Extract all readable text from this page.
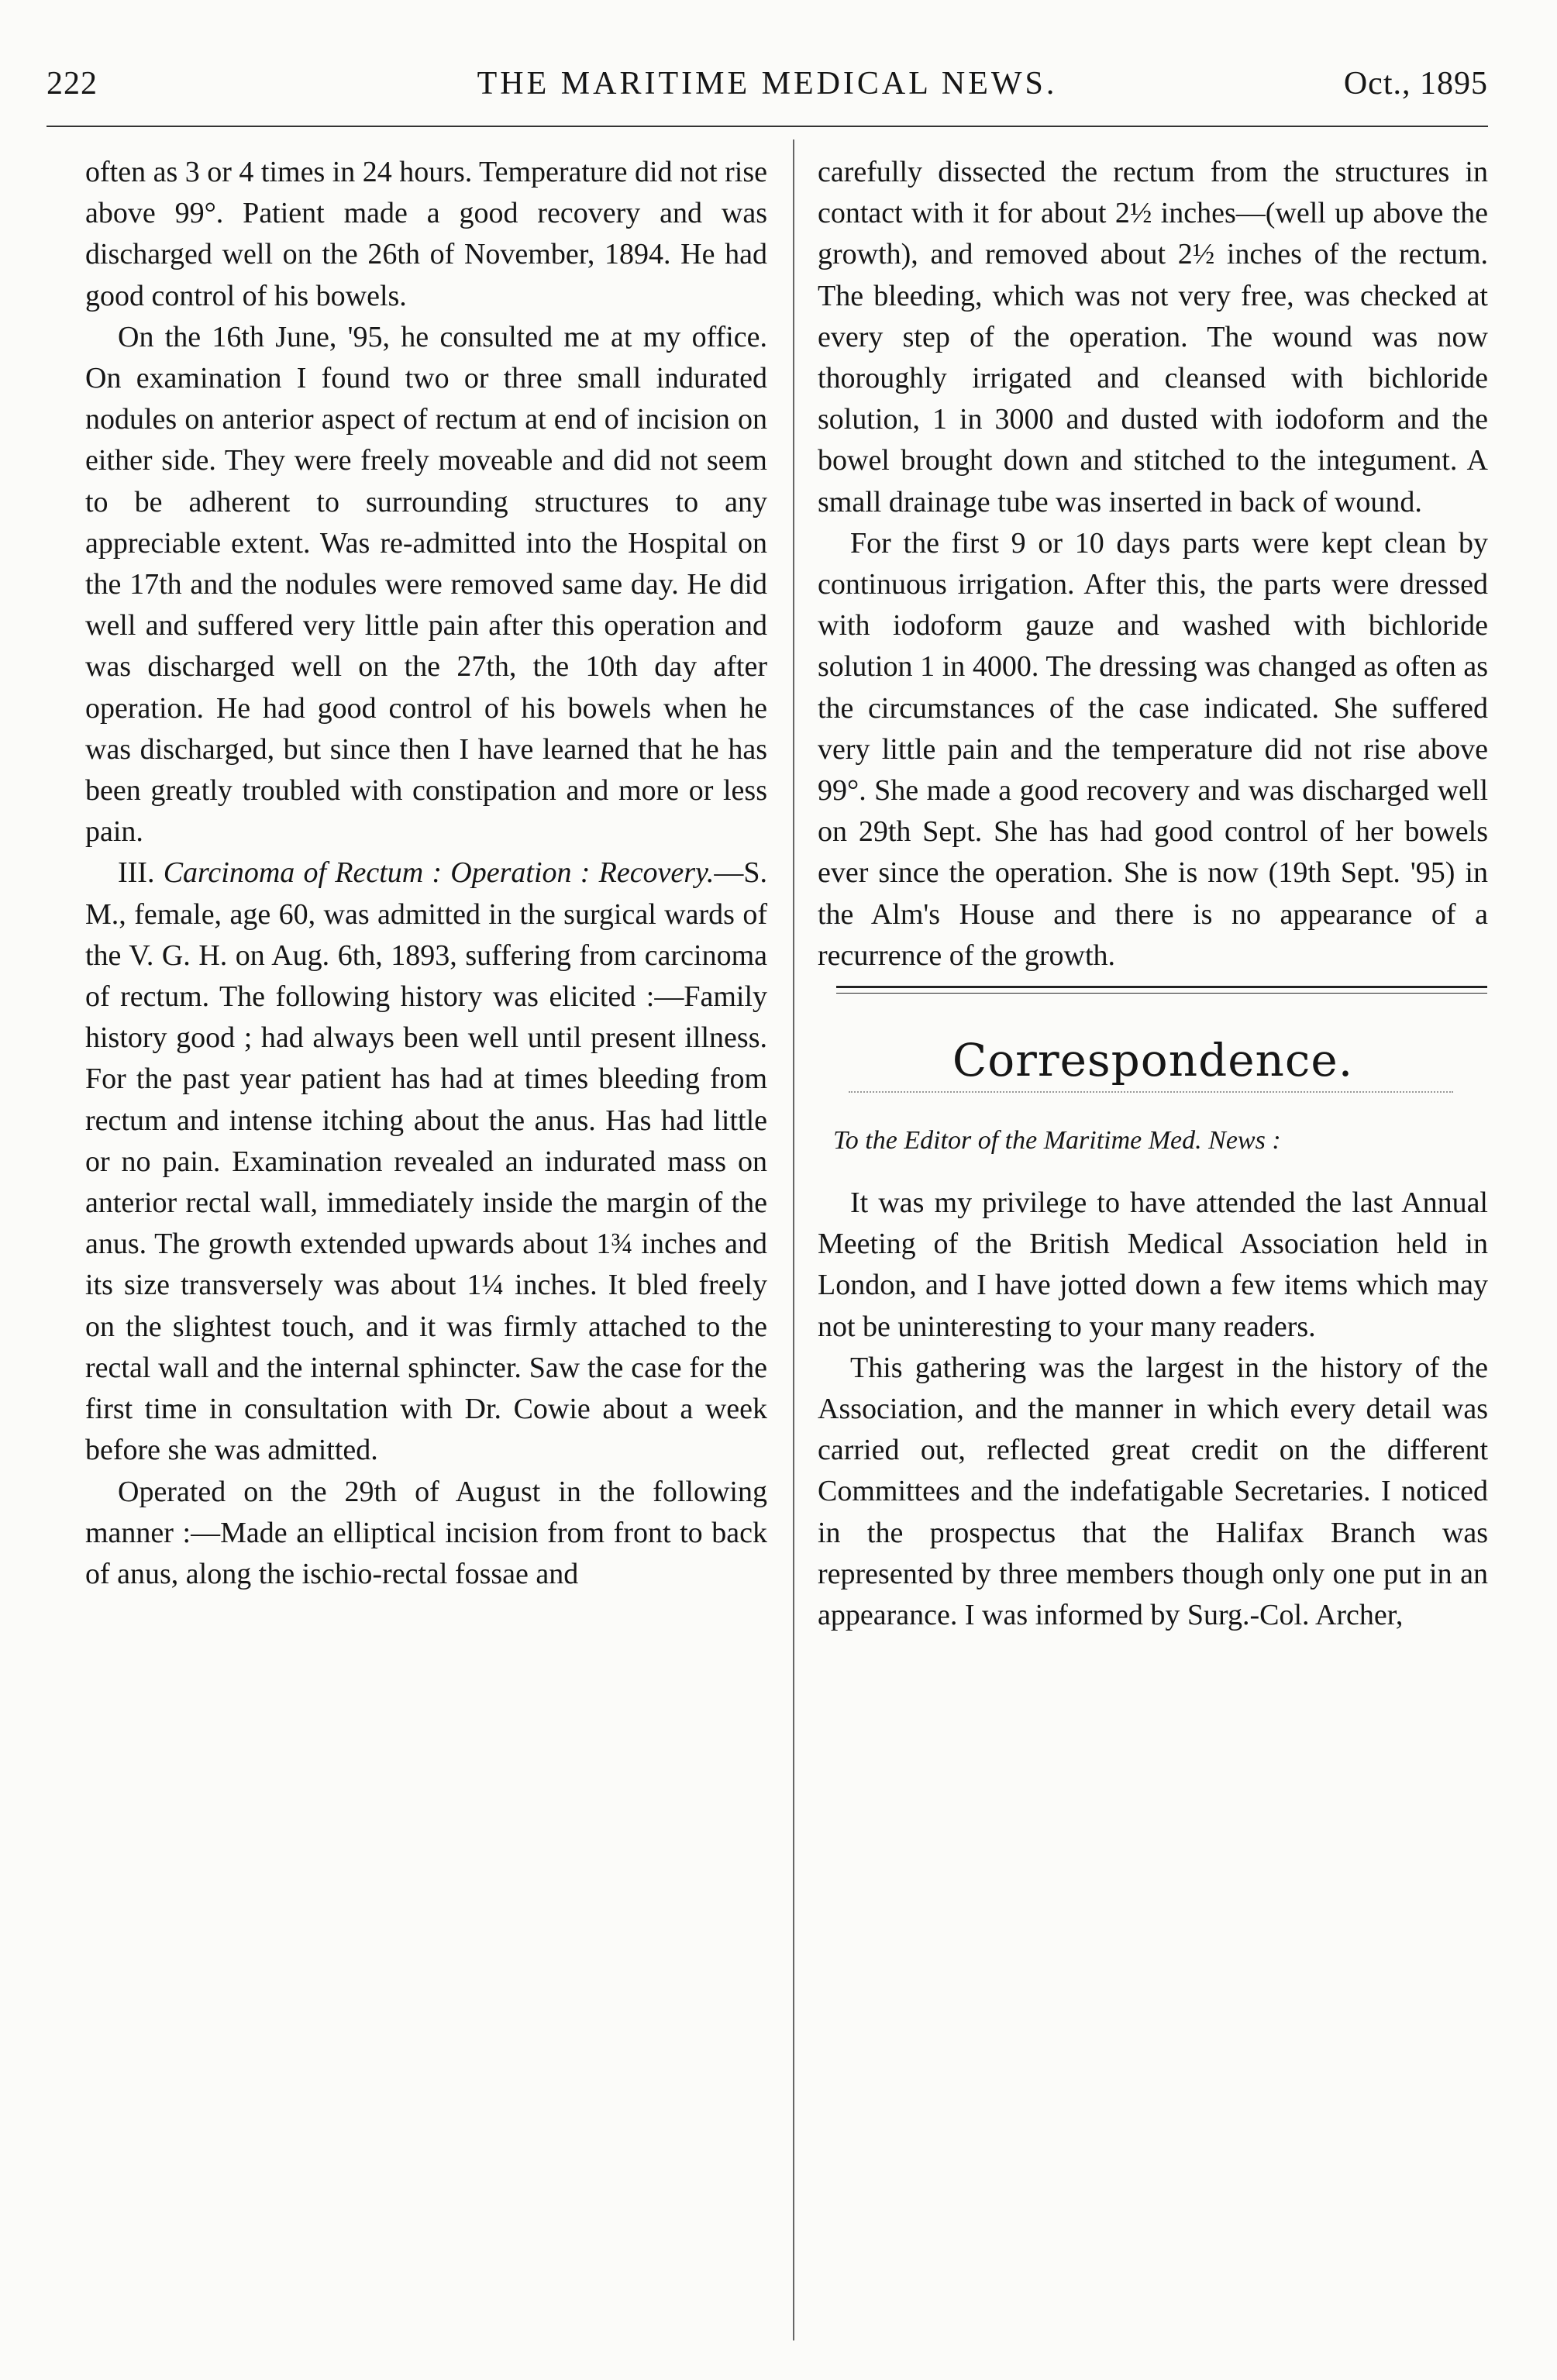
222	THE MARITIME MEDICAL NEWS.	Oct., 1895

often as 3 or 4 times in 24 hours. Temperature did not rise above 99°. Patient made a good recovery and was discharged well on the 26th of November, 1894. He had good control of his bowels.

On the 16th June, '95, he consulted me at my office. On examination I found two or three small indurated nodules on anterior aspect of rectum at end of incision on either side. They were freely moveable and did not seem to be adherent to surrounding structures to any appreciable extent. Was re-admitted into the Hospital on the 17th and the nodules were removed same day. He did well and suffered very little pain after this operation and was discharged well on the 27th, the 10th day after operation. He had good control of his bowels when he was discharged, but since then I have learned that he has been greatly troubled with constipation and more or less pain.

III. Carcinoma of Rectum : Operation : Recovery.—S. M., female, age 60, was admitted in the surgical wards of the V. G. H. on Aug. 6th, 1893, suffering from carcinoma of rectum. The following history was elicited :—Family history good ; had always been well until present illness. For the past year patient has had at times bleeding from rectum and intense itching about the anus. Has had little or no pain. Examination revealed an indurated mass on anterior rectal wall, immediately inside the margin of the anus. The growth extended upwards about 1¾ inches and its size transversely was about 1¼ inches. It bled freely on the slightest touch, and it was firmly attached to the rectal wall and the internal sphincter. Saw the case for the first time in consultation with Dr. Cowie about a week before she was admitted.

Operated on the 29th of August in the following manner :—Made an elliptical incision from front to back of anus, along the ischio-rectal fossae and

carefully dissected the rectum from the structures in contact with it for about 2½ inches—(well up above the growth), and removed about 2½ inches of the rectum. The bleeding, which was not very free, was checked at every step of the operation. The wound was now thoroughly irrigated and cleansed with bichloride solution, 1 in 3000 and dusted with iodoform and the bowel brought down and stitched to the integument. A small drainage tube was inserted in back of wound.

For the first 9 or 10 days parts were kept clean by continuous irrigation. After this, the parts were dressed with iodoform gauze and washed with bichloride solution 1 in 4000. The dressing was changed as often as the circumstances of the case indicated. She suffered very little pain and the temperature did not rise above 99°. She made a good recovery and was discharged well on 29th Sept. She has had good control of her bowels ever since the operation. She is now (19th Sept. '95) in the Alm's House and there is no appearance of a recurrence of the growth.

Correspondence.
To the Editor of the Maritime Med. News :

It was my privilege to have attended the last Annual Meeting of the British Medical Association held in London, and I have jotted down a few items which may not be uninteresting to your many readers.

This gathering was the largest in the history of the Association, and the manner in which every detail was carried out, reflected great credit on the different Committees and the indefatigable Secretaries. I noticed in the prospectus that the Halifax Branch was represented by three members though only one put in an appearance. I was informed by Surg.-Col. Archer,
